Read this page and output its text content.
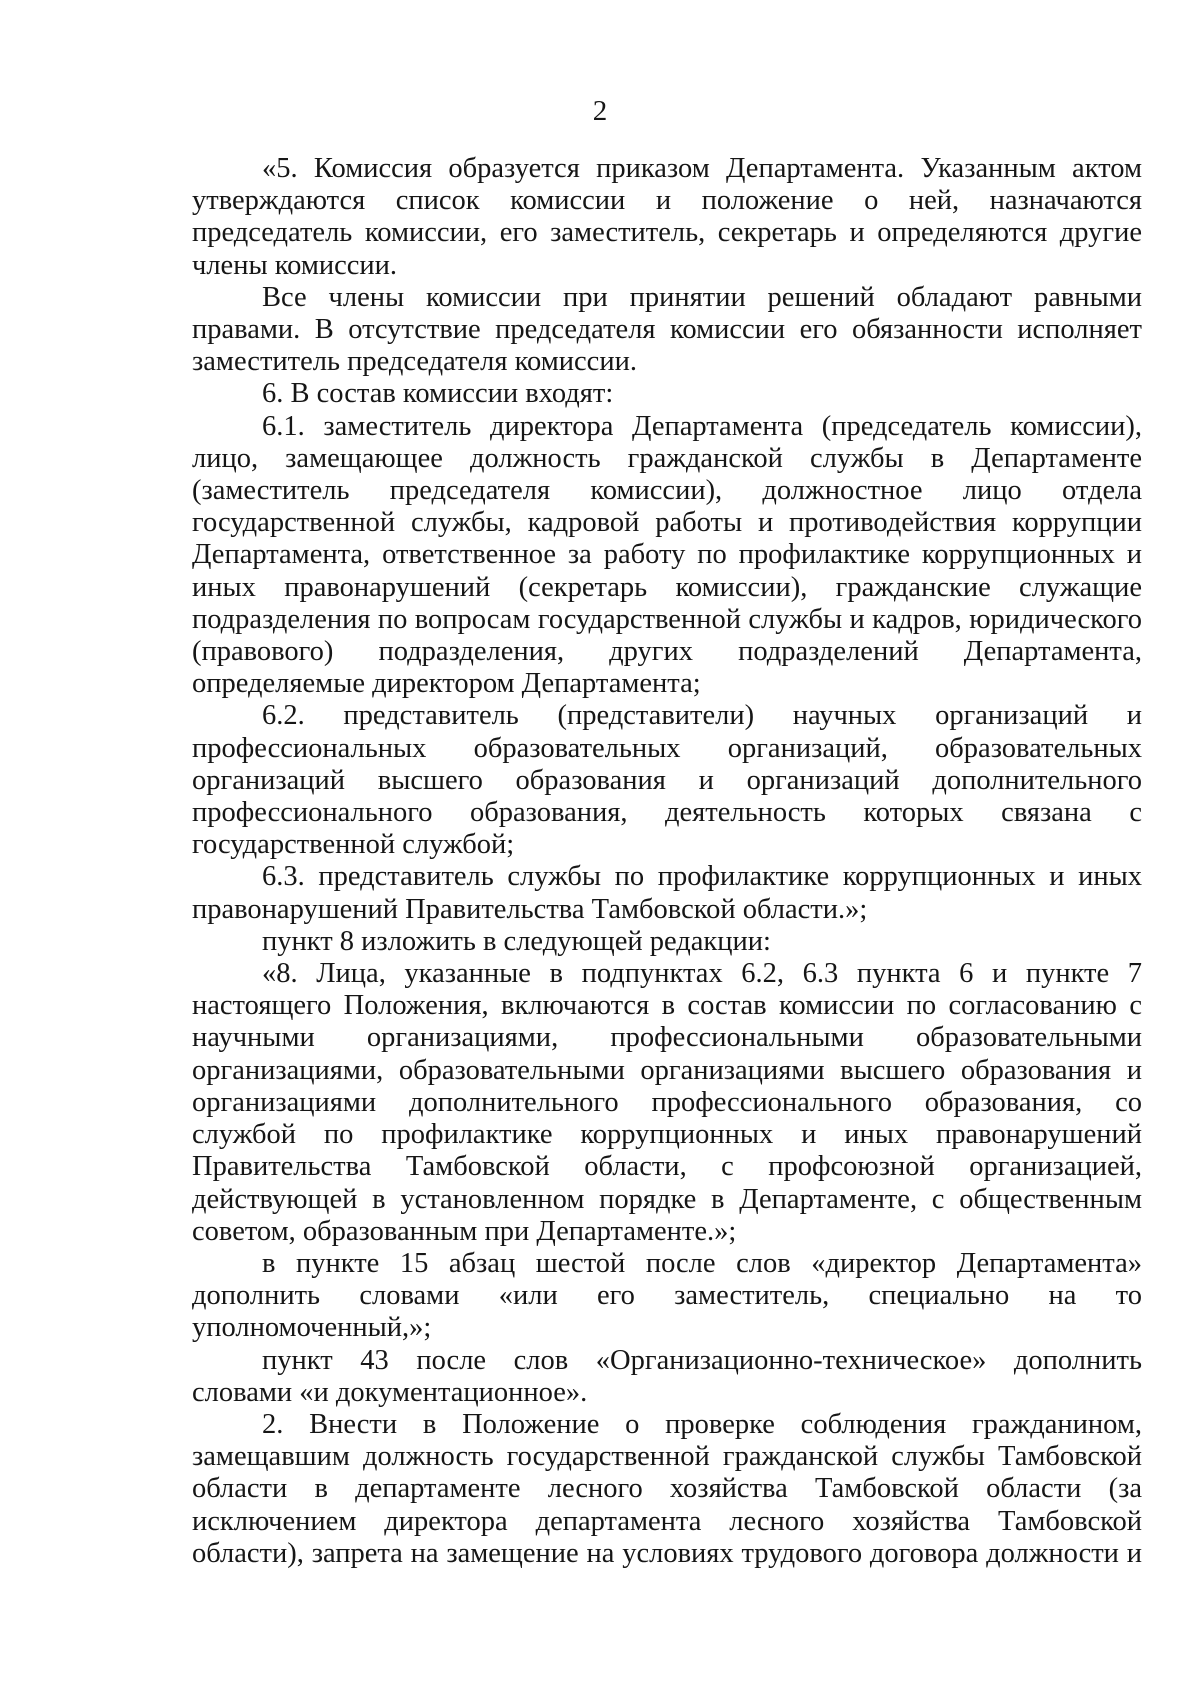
2

«5. Комиссия образуется приказом Департамента. Указанным актом утверждаются список комиссии и положение о ней, назначаются председатель комиссии, его заместитель, секретарь и определяются другие члены комиссии.

Все члены комиссии при принятии решений обладают равными правами. В отсутствие председателя комиссии его обязанности исполняет заместитель председателя комиссии.

6. В состав комиссии входят:

6.1. заместитель директора Департамента (председатель комиссии), лицо, замещающее должность гражданской службы в Департаменте (заместитель председателя комиссии), должностное лицо отдела государственной службы, кадровой работы и противодействия коррупции Департамента, ответственное за работу по профилактике коррупционных и иных правонарушений (секретарь комиссии), гражданские служащие подразделения по вопросам государственной службы и кадров, юридического (правового) подразделения, других подразделений Департамента, определяемые директором Департамента;

6.2. представитель (представители) научных организаций и профессиональных образовательных организаций, образовательных организаций высшего образования и организаций дополнительного профессионального образования, деятельность которых связана с государственной службой;

6.3. представитель службы по профилактике коррупционных и иных правонарушений Правительства Тамбовской области.»;

пункт 8 изложить в следующей редакции:

«8. Лица, указанные в подпунктах 6.2, 6.3 пункта 6 и пункте 7 настоящего Положения, включаются в состав комиссии по согласованию с научными организациями, профессиональными образовательными организациями, образовательными организациями высшего образования и организациями дополнительного профессионального образования, со службой по профилактике коррупционных и иных правонарушений Правительства Тамбовской области, с профсоюзной организацией, действующей в установленном порядке в Департаменте, с общественным советом, образованным при Департаменте.»;

в пункте 15 абзац шестой после слов «директор Департамента» дополнить словами «или его заместитель, специально на то уполномоченный,»;

пункт 43 после слов «Организационно-техническое» дополнить словами «и документационное».

2. Внести в Положение о проверке соблюдения гражданином, замещавшим должность государственной гражданской службы Тамбовской области в департаменте лесного хозяйства Тамбовской области (за исключением директора департамента лесного хозяйства Тамбовской области), запрета на замещение на условиях трудового договора должности и
